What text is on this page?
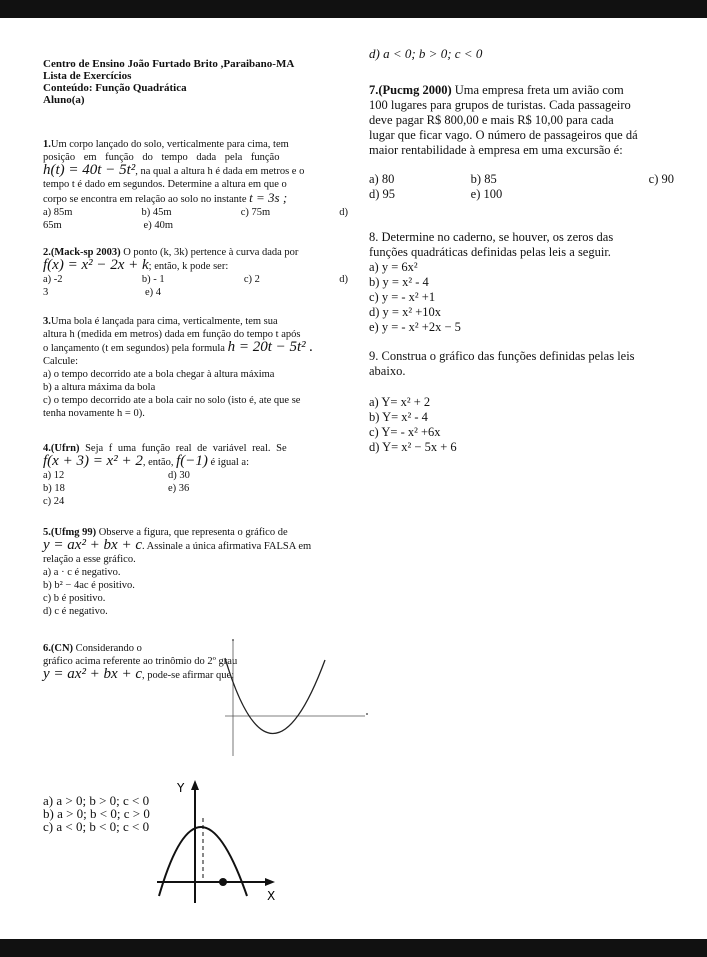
Centro de Ensino João Furtado Brito ,Paraibano-MA
Lista de Exercícios
Conteúdo: Função Quadrática
Aluno(a)

1.Um corpo lançado do solo, verticalmente para cima, tem

posição em função do tempo dada pela função

h(t) = 40t − 5t², na qual a altura h é dada em metros e o

tempo t é dado em segundos. Determine a altura em que o

corpo se encontra em relação ao solo no instante t = 3s ;

a) 85m	b) 45m	c) 75m	d)
65m	e) 40m

2.(Mack-sp 2003) O ponto (k, 3k) pertence à curva dada por

f(x) = x² − 2x + k; então, k pode ser:

a) -2	b) - 1	c) 2	d)
3	e) 4

3.Uma bola é lançada para cima, verticalmente, tem sua

altura h (medida em metros) dada em função do tempo t após

o lançamento (t em segundos) pela formula h = 20t − 5t² .

Calcule:

a) o tempo decorrido ate a bola chegar à altura máxima

b) a altura máxima da bola

c) o tempo decorrido ate a bola cair no solo (isto é, ate que se

tenha novamente h = 0).

4.(Ufrn) Seja f uma função real de variável real. Se

f(x + 3) = x² + 2, então, f(−1) é igual a:

a) 12	d) 30
b) 18	e) 36
c) 24

5.(Ufmg 99) Observe a figura, que representa o gráfico de

y = ax² + bx + c. Assinale a única afirmativa FALSA em

relação a esse gráfico.

a) a · c é negativo.

b) b² − 4ac é positivo.

c) b é positivo.

d) c é negativo.

6.(CN) Considerando o

gráfico acima referente ao trinômio do 2º grau

y = ax² + bx + c, pode-se afirmar que:

a) a > 0; b > 0; c < 0

b) a > 0; b < 0; c > 0

c) a < 0; b < 0; c < 0

Y
X

d) a < 0; b > 0; c < 0

7.(Pucmg 2000) Uma empresa freta um avião com

100 lugares para grupos de turistas. Cada passageiro

deve pagar R$ 800,00 e mais R$ 10,00 para cada

lugar que ficar vago. O número de passageiros que dá

maior rentabilidade à empresa em uma excursão é:

a) 80	b) 85	c) 90
d) 95	e) 100

8. Determine no caderno, se houver, os zeros das

funções quadráticas definidas pelas leis a seguir.

a) y = 6x²

b) y = x² - 4

c) y = - x² +1

d) y = x² +10x

e) y = - x² +2x − 5

9. Construa o gráfico das funções definidas pelas leis

abaixo.

a) Y= x² + 2

b) Y= x² - 4

c) Y= - x² +6x

d) Y= x² − 5x + 6
